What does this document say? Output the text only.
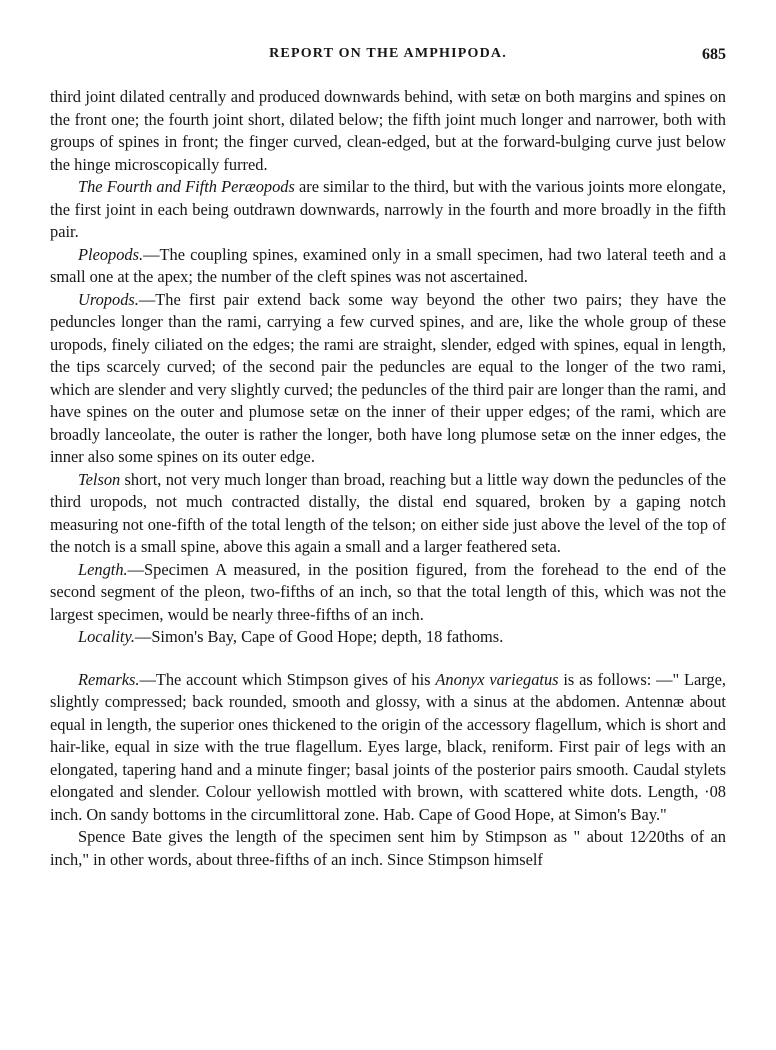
REPORT ON THE AMPHIPODA.	685

third joint dilated centrally and produced downwards behind, with setæ on both margins and spines on the front one; the fourth joint short, dilated below; the fifth joint much longer and narrower, both with groups of spines in front; the finger curved, clean-edged, but at the forward-bulging curve just below the hinge microscopically furred.

The Fourth and Fifth Peræopods are similar to the third, but with the various joints more elongate, the first joint in each being outdrawn downwards, narrowly in the fourth and more broadly in the fifth pair.

Pleopods.—The coupling spines, examined only in a small specimen, had two lateral teeth and a small one at the apex; the number of the cleft spines was not ascertained.

Uropods.—The first pair extend back some way beyond the other two pairs; they have the peduncles longer than the rami, carrying a few curved spines, and are, like the whole group of these uropods, finely ciliated on the edges; the rami are straight, slender, edged with spines, equal in length, the tips scarcely curved; of the second pair the peduncles are equal to the longer of the two rami, which are slender and very slightly curved; the peduncles of the third pair are longer than the rami, and have spines on the outer and plumose setæ on the inner of their upper edges; of the rami, which are broadly lanceolate, the outer is rather the longer, both have long plumose setæ on the inner edges, the inner also some spines on its outer edge.

Telson short, not very much longer than broad, reaching but a little way down the peduncles of the third uropods, not much contracted distally, the distal end squared, broken by a gaping notch measuring not one-fifth of the total length of the telson; on either side just above the level of the top of the notch is a small spine, above this again a small and a larger feathered seta.

Length.—Specimen A measured, in the position figured, from the forehead to the end of the second segment of the pleon, two-fifths of an inch, so that the total length of this, which was not the largest specimen, would be nearly three-fifths of an inch.

Locality.—Simon's Bay, Cape of Good Hope; depth, 18 fathoms.

Remarks.—The account which Stimpson gives of his Anonyx variegatus is as follows: —" Large, slightly compressed; back rounded, smooth and glossy, with a sinus at the abdomen. Antennæ about equal in length, the superior ones thickened to the origin of the accessory flagellum, which is short and hair-like, equal in size with the true flagellum. Eyes large, black, reniform. First pair of legs with an elongated, tapering hand and a minute finger; basal joints of the posterior pairs smooth. Caudal stylets elongated and slender. Colour yellowish mottled with brown, with scattered white dots. Length, ·08 inch. On sandy bottoms in the circumlittoral zone. Hab. Cape of Good Hope, at Simon's Bay."

Spence Bate gives the length of the specimen sent him by Stimpson as " about 12⁄20ths of an inch," in other words, about three-fifths of an inch. Since Stimpson himself
